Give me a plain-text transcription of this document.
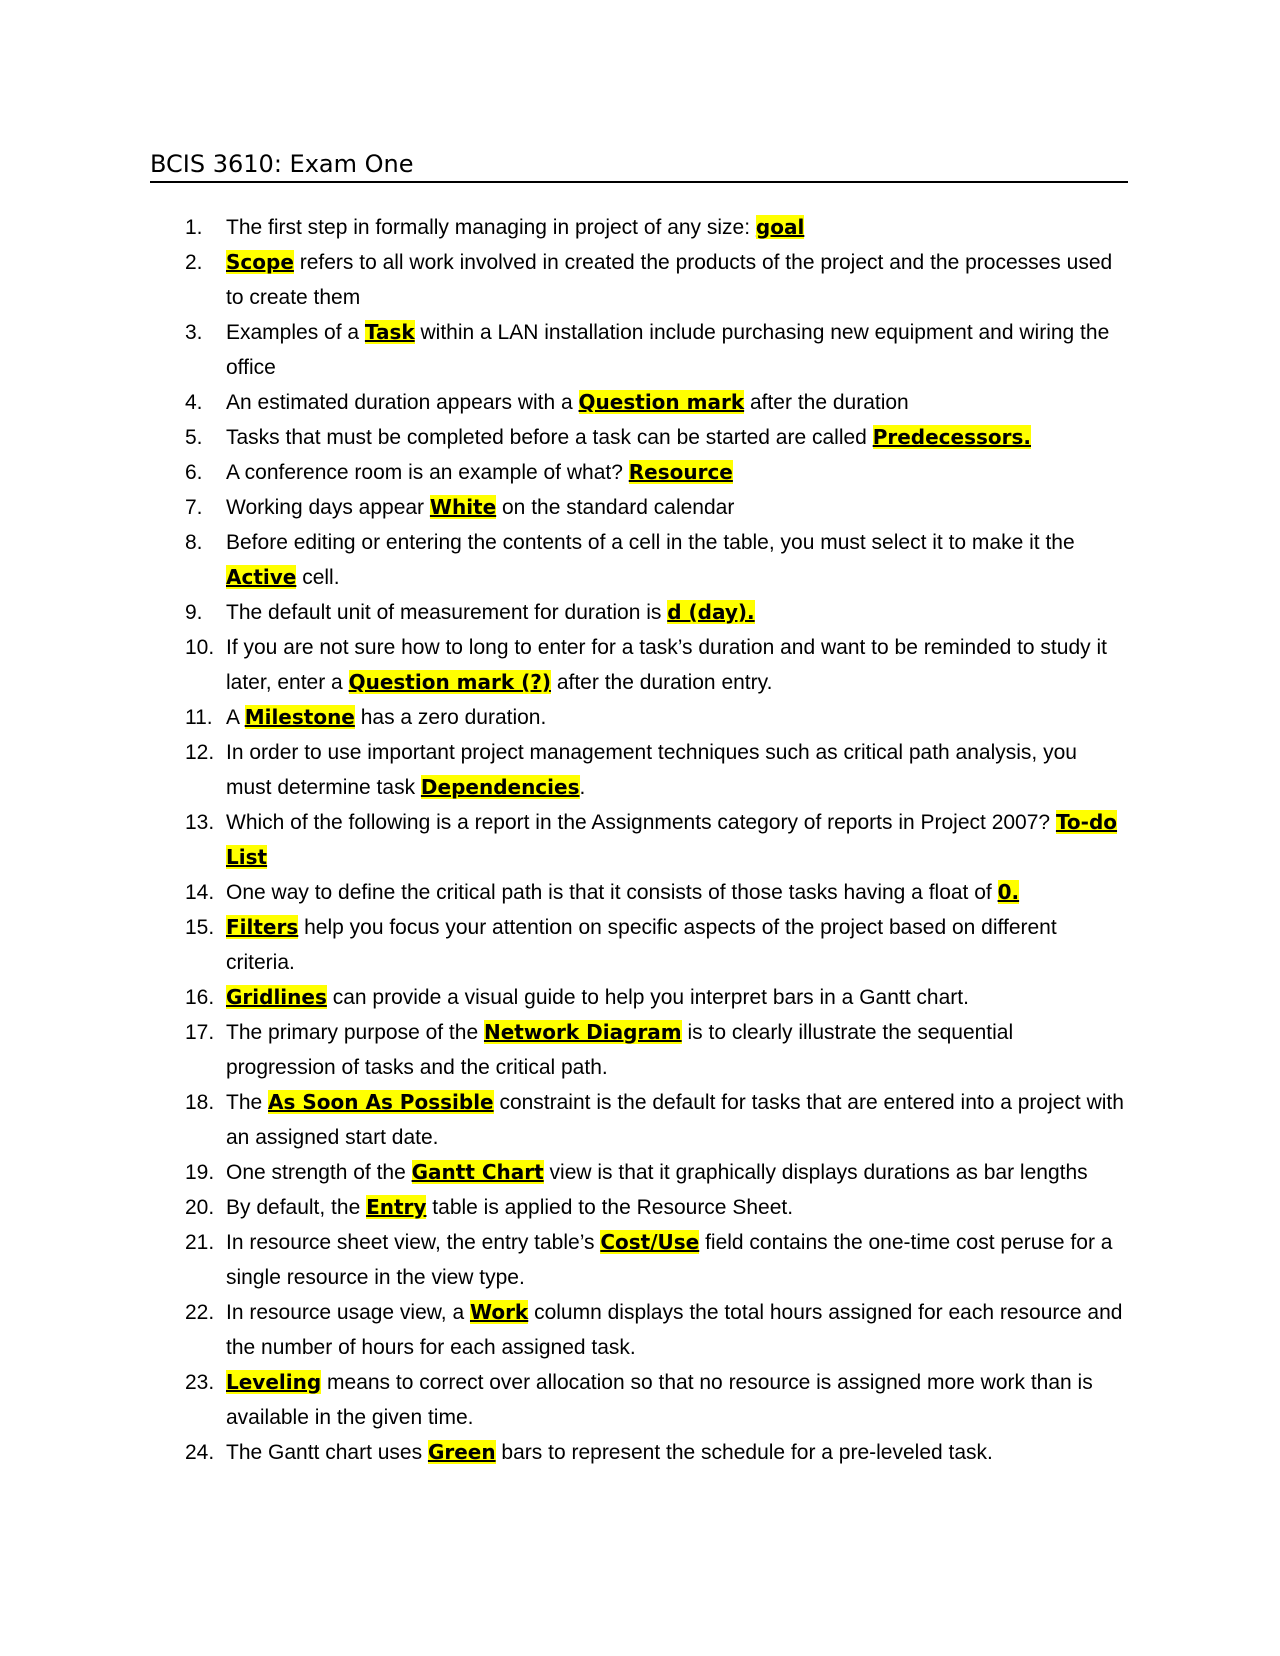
BCIS 3610: Exam One
1. The first step in formally managing in project of any size: goal
2. Scope refers to all work involved in created the products of the project and the processes used to create them
3. Examples of a Task within a LAN installation include purchasing new equipment and wiring the office
4. An estimated duration appears with a Question mark after the duration
5. Tasks that must be completed before a task can be started are called Predecessors.
6. A conference room is an example of what? Resource
7. Working days appear White on the standard calendar
8. Before editing or entering the contents of a cell in the table, you must select it to make it the Active cell.
9. The default unit of measurement for duration is d (day).
10. If you are not sure how to long to enter for a task’s duration and want to be reminded to study it later, enter a Question mark (?) after the duration entry.
11. A Milestone has a zero duration.
12. In order to use important project management techniques such as critical path analysis, you must determine task Dependencies.
13. Which of the following is a report in the Assignments category of reports in Project 2007? To-do List
14. One way to define the critical path is that it consists of those tasks having a float of 0.
15. Filters help you focus your attention on specific aspects of the project based on different criteria.
16. Gridlines can provide a visual guide to help you interpret bars in a Gantt chart.
17. The primary purpose of the Network Diagram is to clearly illustrate the sequential progression of tasks and the critical path.
18. The As Soon As Possible constraint is the default for tasks that are entered into a project with an assigned start date.
19. One strength of the Gantt Chart view is that it graphically displays durations as bar lengths
20. By default, the Entry table is applied to the Resource Sheet.
21. In resource sheet view, the entry table’s Cost/Use field contains the one-time cost peruse for a single resource in the view type.
22. In resource usage view, a Work column displays the total hours assigned for each resource and the number of hours for each assigned task.
23. Leveling means to correct over allocation so that no resource is assigned more work than is available in the given time.
24. The Gantt chart uses Green bars to represent the schedule for a pre-leveled task.
